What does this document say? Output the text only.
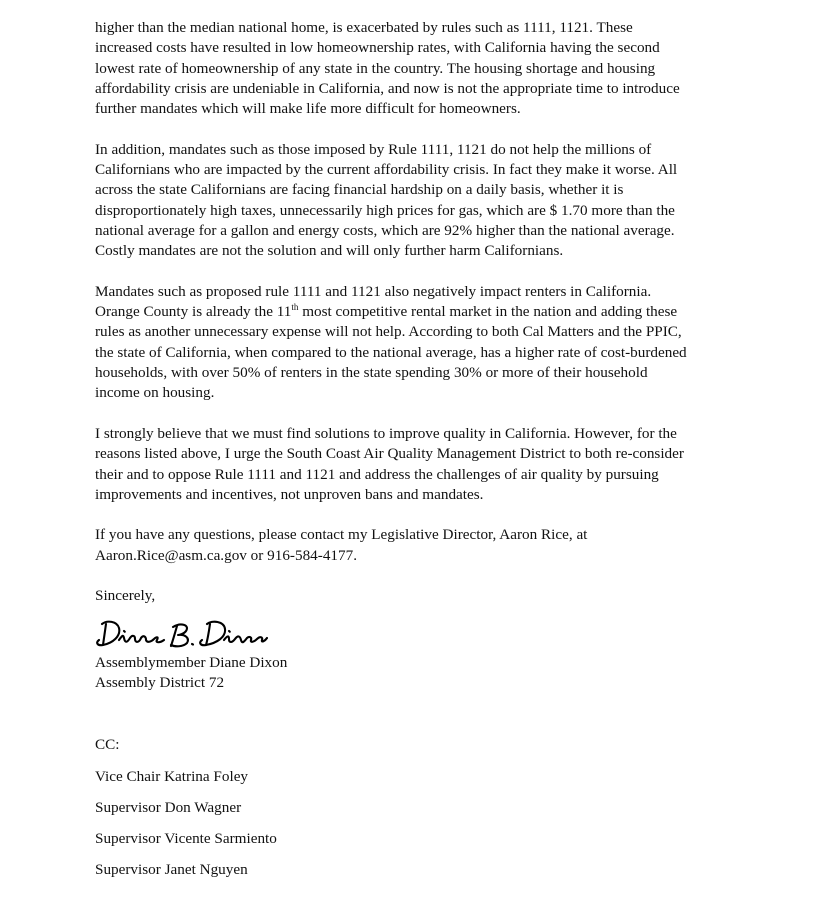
higher than the median national home, is exacerbated by rules such as 1111, 1121. These
increased costs have resulted in low homeownership rates, with California having the second
lowest rate of homeownership of any state in the country. The housing shortage and housing
affordability crisis are undeniable in California, and now is not the appropriate time to introduce
further mandates which will make life more difficult for homeowners.

In addition, mandates such as those imposed by Rule 1111, 1121 do not help the millions of
Californians who are impacted by the current affordability crisis. In fact they make it worse. All
across the state Californians are facing financial hardship on a daily basis, whether it is
disproportionately high taxes, unnecessarily high prices for gas, which are $ 1.70 more than the
national average for a gallon and energy costs, which are 92% higher than the national average.
Costly mandates are not the solution and will only further harm Californians.

Mandates such as proposed rule 1111 and 1121 also negatively impact renters in California.
Orange County is already the 11th most competitive rental market in the nation and adding these
rules as another unnecessary expense will not help. According to both Cal Matters and the PPIC,
the state of California, when compared to the national average, has a higher rate of cost-burdened
households, with over 50% of renters in the state spending 30% or more of their household
income on housing.

I strongly believe that we must find solutions to improve quality in California. However, for the
reasons listed above, I urge the South Coast Air Quality Management District to both re-consider
their and to oppose Rule 1111 and 1121 and address the challenges of air quality by pursuing
improvements and incentives, not unproven bans and mandates.

If you have any questions, please contact my Legislative Director, Aaron Rice, at
Aaron.Rice@asm.ca.gov or 916-584-4177.

Sincerely,

Assemblymember Diane Dixon
Assembly District 72
CC:
Vice Chair Katrina Foley
Supervisor Don Wagner
Supervisor Vicente Sarmiento
Supervisor Janet Nguyen
